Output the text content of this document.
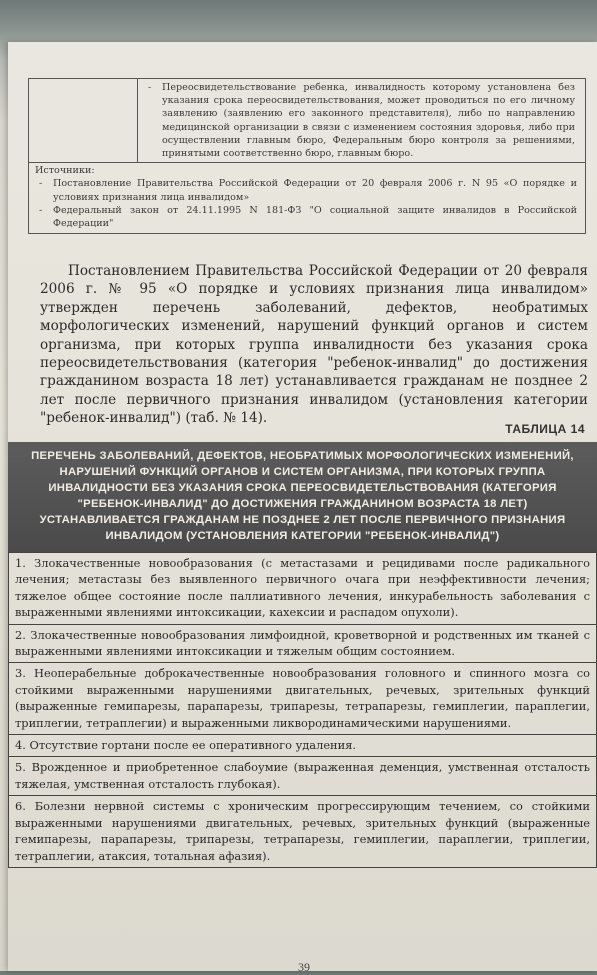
- Переосвидетельствование ребенка, инвалидность которому установлена без указания срока переосвидетельствования, может проводиться по его личному заявлению (заявлению его законного представителя), либо по направлению медицинской организации в связи с изменением состояния здоровья, либо при осуществлении главным бюро, Федеральным бюро контроля за решениями, принятыми соответственно бюро, главным бюро.
Источники:
- Постановление Правительства Российской Федерации от 20 февраля 2006 г. N 95 «О порядке и условиях признания лица инвалидом»
- Федеральный закон от 24.11.1995 N 181-ФЗ "О социальной защите инвалидов в Российской Федерации"
Постановлением Правительства Российской Федерации от 20 февраля 2006 г. № 95 «О порядке и условиях признания лица инвалидом» утвержден перечень заболеваний, дефектов, необратимых морфологических изменений, нарушений функций органов и систем организма, при которых группа инвалидности без указания срока переосвидетельствования (категория "ребенок-инвалид" до достижения гражданином возраста 18 лет) устанавливается гражданам не позднее 2 лет после первичного признания инвалидом (установления категории "ребенок-инвалид") (таб. № 14).
ТАБЛИЦА 14
ПЕРЕЧЕНЬ ЗАБОЛЕВАНИЙ, ДЕФЕКТОВ, НЕОБРАТИМЫХ МОРФОЛОГИЧЕСКИХ ИЗМЕНЕНИЙ, НАРУШЕНИЙ ФУНКЦИЙ ОРГАНОВ И СИСТЕМ ОРГАНИЗМА, ПРИ КОТОРЫХ ГРУППА ИНВАЛИДНОСТИ БЕЗ УКАЗАНИЯ СРОКА ПЕРЕОСВИДЕТЕЛЬСТВОВАНИЯ (КАТЕГОРИЯ "РЕБЕНОК-ИНВАЛИД" ДО ДОСТИЖЕНИЯ ГРАЖДАНИНОМ ВОЗРАСТА 18 ЛЕТ) УСТАНАВЛИВАЕТСЯ ГРАЖДАНАМ НЕ ПОЗДНЕЕ 2 ЛЕТ ПОСЛЕ ПЕРВИЧНОГО ПРИЗНАНИЯ ИНВАЛИДОМ (УСТАНОВЛЕНИЯ КАТЕГОРИИ "РЕБЕНОК-ИНВАЛИД")
1. Злокачественные новообразования (с метастазами и рецидивами после радикального лечения; метастазы без выявленного первичного очага при неэффективности лечения; тяжелое общее состояние после паллиативного лечения, инкурабельность заболевания с выраженными явлениями интоксикации, кахексии и распадом опухоли).
2. Злокачественные новообразования лимфоидной, кроветворной и родственных им тканей с выраженными явлениями интоксикации и тяжелым общим состоянием.
3. Неоперабельные доброкачественные новообразования головного и спинного мозга со стойкими выраженными нарушениями двигательных, речевых, зрительных функций (выраженные гемипарезы, парапарезы, трипарезы, тетрапарезы, гемиплегии, параплегии, триплегии, тетраплегии) и выраженными ликвородинамическими нарушениями.
4. Отсутствие гортани после ее оперативного удаления.
5. Врожденное и приобретенное слабоумие (выраженная деменция, умственная отсталость тяжелая, умственная отсталость глубокая).
6. Болезни нервной системы с хроническим прогрессирующим течением, со стойкими выраженными нарушениями двигательных, речевых, зрительных функций (выраженные гемипарезы, парапарезы, трипарезы, тетрапарезы, гемиплегии, параплегии, триплегии, тетраплегии, атаксия, тотальная афазия).
39
